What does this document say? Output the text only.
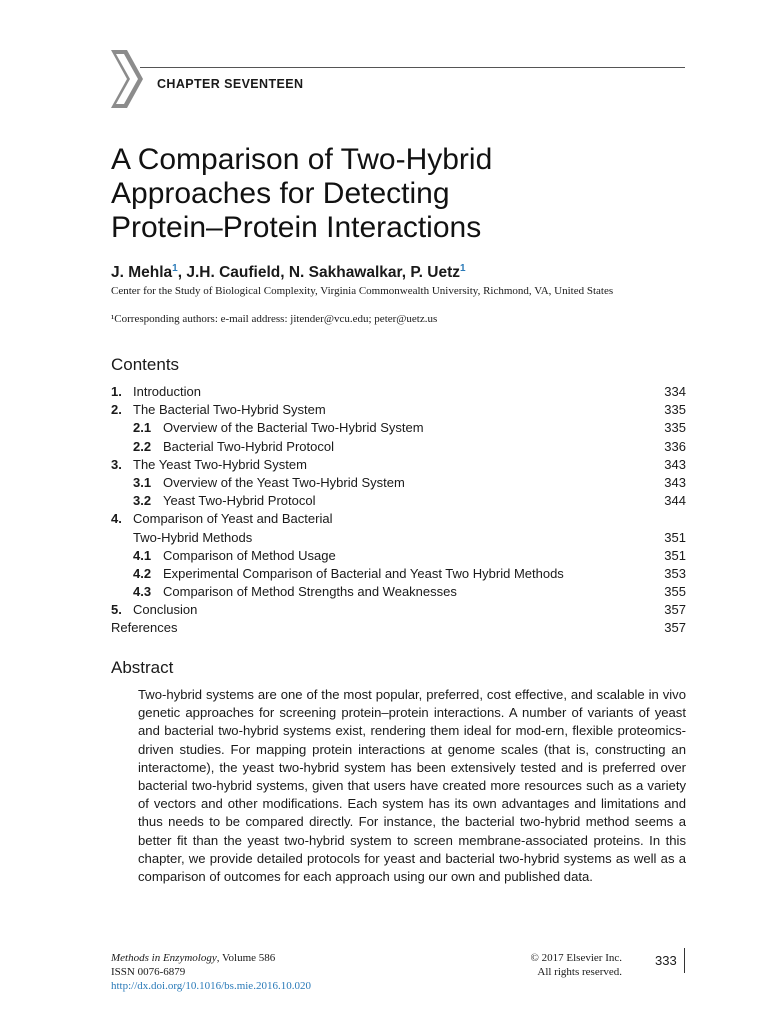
CHAPTER SEVENTEEN
A Comparison of Two-Hybrid
Approaches for Detecting
Protein–Protein Interactions
J. Mehla$^1$, J.H. Caufield, N. Sakhawalkar, P. Uetz$^1$
Center for the Study of Biological Complexity, Virginia Commonwealth University, Richmond, VA, United States
¹Corresponding authors: e-mail address: jitender@vcu.edu; peter@uetz.us
Contents
1. Introduction	334
2. The Bacterial Two-Hybrid System	335
2.1 Overview of the Bacterial Two-Hybrid System	335
2.2 Bacterial Two-Hybrid Protocol	336
3. The Yeast Two-Hybrid System	343
3.1 Overview of the Yeast Two-Hybrid System	343
3.2 Yeast Two-Hybrid Protocol	344
4. Comparison of Yeast and Bacterial
Two-Hybrid Methods	351
4.1 Comparison of Method Usage	351
4.2 Experimental Comparison of Bacterial and Yeast Two Hybrid Methods	353
4.3 Comparison of Method Strengths and Weaknesses	355
5. Conclusion	357
References	357
Abstract

Two-hybrid systems are one of the most popular, preferred, cost effective, and scalable in vivo genetic approaches for screening protein–protein interactions. A number of variants of yeast and bacterial two-hybrid systems exist, rendering them ideal for mod-ern, flexible proteomics-driven studies. For mapping protein interactions at genome scales (that is, constructing an interactome), the yeast two-hybrid system has been extensively tested and is preferred over bacterial two-hybrid systems, given that users have created more resources such as a variety of vectors and other modifications. Each system has its own advantages and limitations and thus needs to be compared directly. For instance, the bacterial two-hybrid method seems a better fit than the yeast two-hybrid system to screen membrane-associated proteins. In this chapter, we provide detailed protocols for yeast and bacterial two-hybrid systems as well as a comparison of outcomes for each approach using our own and published data.

Methods in Enzymology, Volume 586
ISSN 0076-6879
http://dx.doi.org/10.1016/bs.mie.2016.10.020
© 2017 Elsevier Inc.
All rights reserved.
333
